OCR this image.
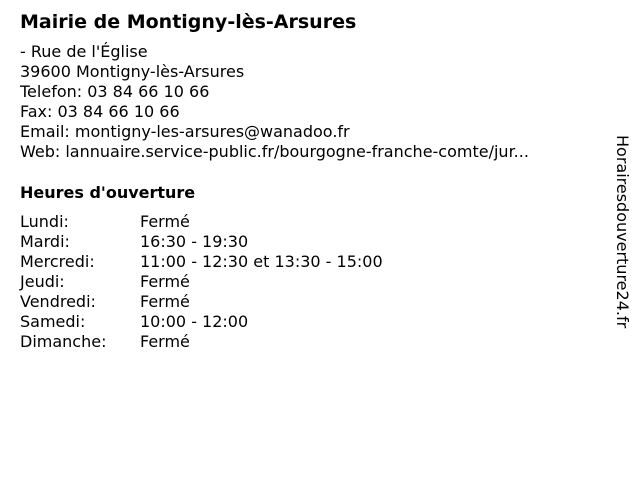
Mairie de Montigny-lès-Arsures
- Rue de l'Église
39600 Montigny-lès-Arsures
Telefon: 03 84 66 10 66
Fax: 03 84 66 10 66
Email: montigny-les-arsures@wanadoo.fr
Web: lannuaire.service-public.fr/bourgogne-franche-comte/jur...
Heures d'ouverture
Lundi:	Fermé
Mardi:	16:30 - 19:30
Mercredi:	11:00 - 12:30 et 13:30 - 15:00
Jeudi:	Fermé
Vendredi:	Fermé
Samedi:	10:00 - 12:00
Dimanche: Fermé
Horairesdouverture24.fr
